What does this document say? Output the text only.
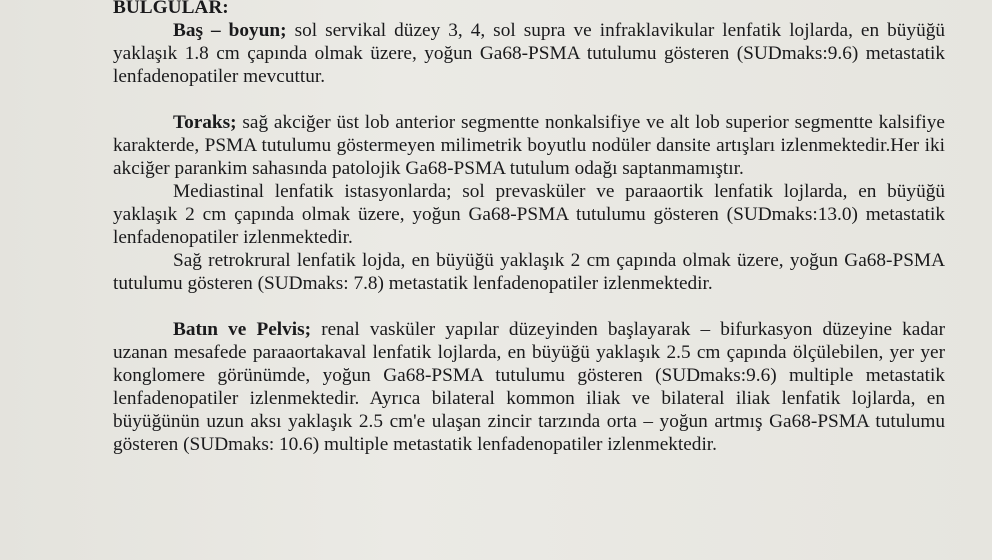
BULGULAR:

Baş – boyun; sol servikal düzey 3, 4, sol supra ve infraklavikular lenfatik lojlarda, en büyüğü yaklaşık 1.8 cm çapında olmak üzere, yoğun Ga68-PSMA tutulumu gösteren (SUDmaks:9.6) metastatik lenfadenopatiler mevcuttur.

Toraks; sağ akciğer üst lob anterior segmentte nonkalsifiye ve alt lob superior segmentte kalsifiye karakterde, PSMA tutulumu göstermeyen milimetrik boyutlu nodüler dansite artışları izlenmektedir.Her iki akciğer parankim sahasında patolojik Ga68-PSMA tutulum odağı saptanmamıştır.

Mediastinal lenfatik istasyonlarda; sol prevasküler ve paraaortik lenfatik lojlarda, en büyüğü yaklaşık 2 cm çapında olmak üzere, yoğun Ga68-PSMA tutulumu gösteren (SUDmaks:13.0) metastatik lenfadenopatiler izlenmektedir.

Sağ retrokrural lenfatik lojda, en büyüğü yaklaşık 2 cm çapında olmak üzere, yoğun Ga68-PSMA tutulumu gösteren (SUDmaks: 7.8) metastatik lenfadenopatiler izlenmektedir.

Batın ve Pelvis; renal vasküler yapılar düzeyinden başlayarak – bifurkasyon düzeyine kadar uzanan mesafede paraaortakaval lenfatik lojlarda, en büyüğü yaklaşık 2.5 cm çapında ölçülebilen, yer yer konglomere görünümde, yoğun Ga68-PSMA tutulumu gösteren (SUDmaks:9.6) multiple metastatik lenfadenopatiler izlenmektedir. Ayrıca bilateral kommon iliak ve bilateral iliak lenfatik lojlarda, en büyüğünün uzun aksı yaklaşık 2.5 cm'e ulaşan zincir tarzında orta – yoğun artmış Ga68-PSMA tutulumu gösteren (SUDmaks: 10.6) multiple metastatik lenfadenopatiler izlenmektedir.
